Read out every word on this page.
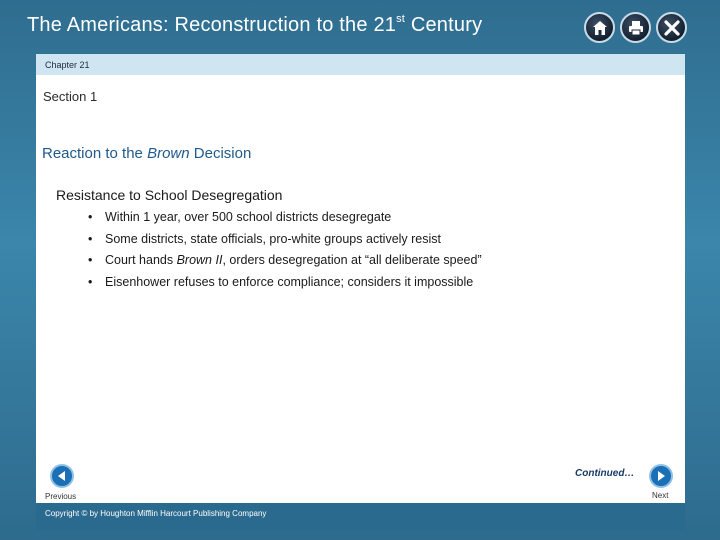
The Americans: Reconstruction to the 21st Century
Chapter 21
Section 1
Reaction to the Brown Decision
Resistance to School Desegregation
• Within 1 year, over 500 school districts desegregate
• Some districts, state officials, pro-white groups actively resist
• Court hands Brown II, orders desegregation at “all deliberate speed”
• Eisenhower refuses to enforce compliance; considers it impossible
Continued…
Previous	Next
Copyright © by Houghton Mifflin Harcourt Publishing Company
